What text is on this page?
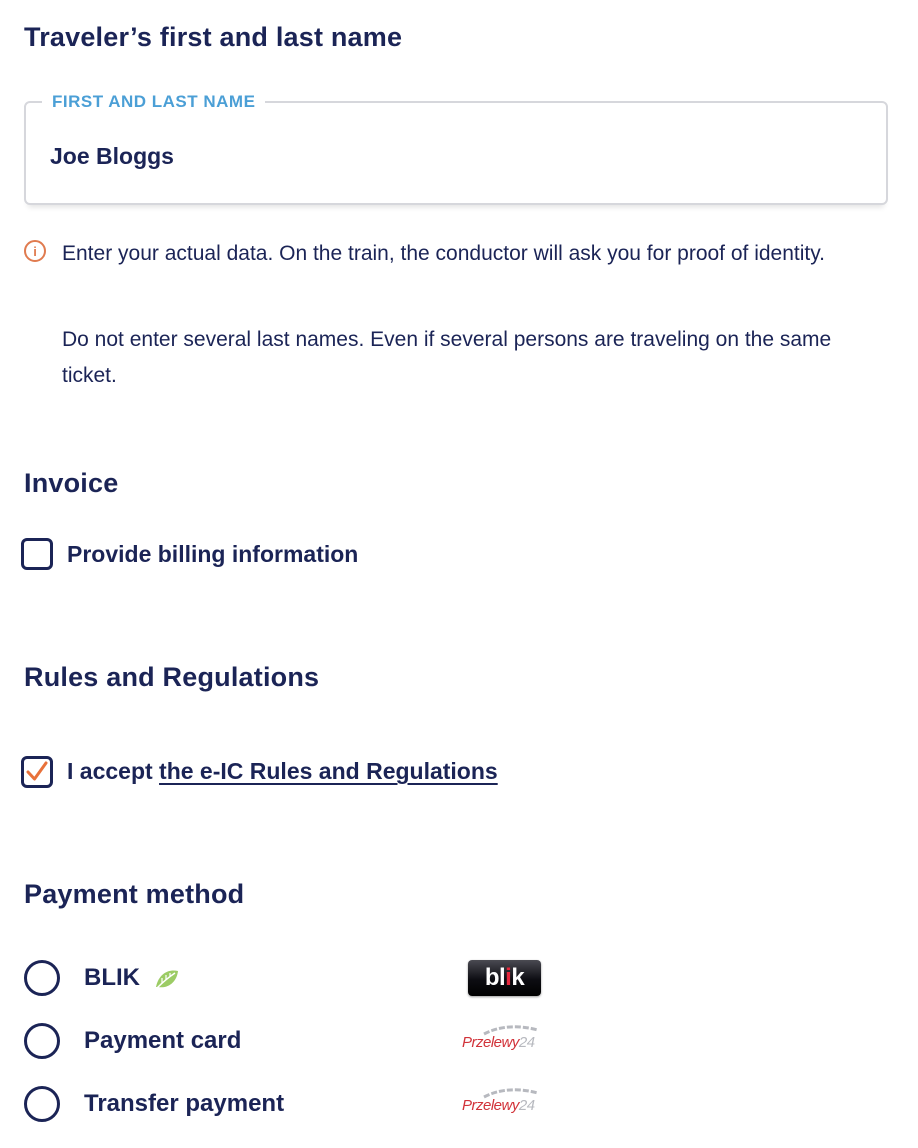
Traveler’s first and last name
FIRST AND LAST NAME
Joe Bloggs
i	Enter your actual data. On the train, the conductor will ask you for proof of identity.
Do not enter several last names. Even if several persons are traveling on the same ticket.
Invoice
Provide billing information
Rules and Regulations
I accept the e-IC Rules and Regulations
Payment method
BLIK	b l i k
Payment card	Przelewy24
Transfer payment	Przelewy24
